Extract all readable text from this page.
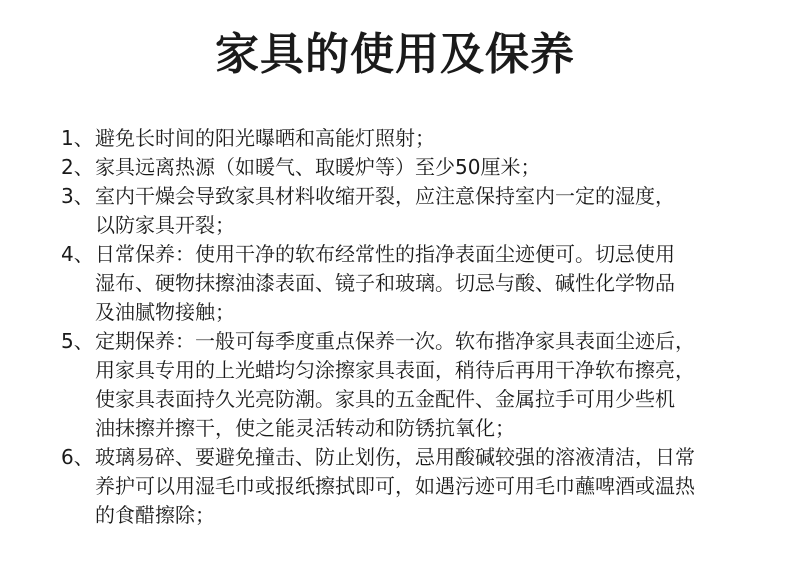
家具的使用及保养
1、 避免长时间的阳光曝晒和高能灯照射；
2、 家具远离热源（如暖气、取暖炉等）至少50厘米；
3、 室内干燥会导致家具材料收缩开裂，应注意保持室内一定的湿度，
以防家具开裂；
4、 日常保养：使用干净的软布经常性的指净表面尘迹便可。切忌使用
湿布、硬物抹擦油漆表面、镜子和玻璃。切忌与酸、碱性化学物品
及油腻物接触；
5、 定期保养：一般可每季度重点保养一次。软布揩净家具表面尘迹后，
用家具专用的上光蜡均匀涂擦家具表面，稍待后再用干净软布擦亮，
使家具表面持久光亮防潮。家具的五金配件、金属拉手可用少些机
油抹擦并擦干，使之能灵活转动和防锈抗氧化；
6、 玻璃易碎、要避免撞击、防止划伤，忌用酸碱较强的溶液清洁，日常
养护可以用湿毛巾或报纸擦拭即可，如遇污迹可用毛巾蘸啤酒或温热
的食醋擦除；
